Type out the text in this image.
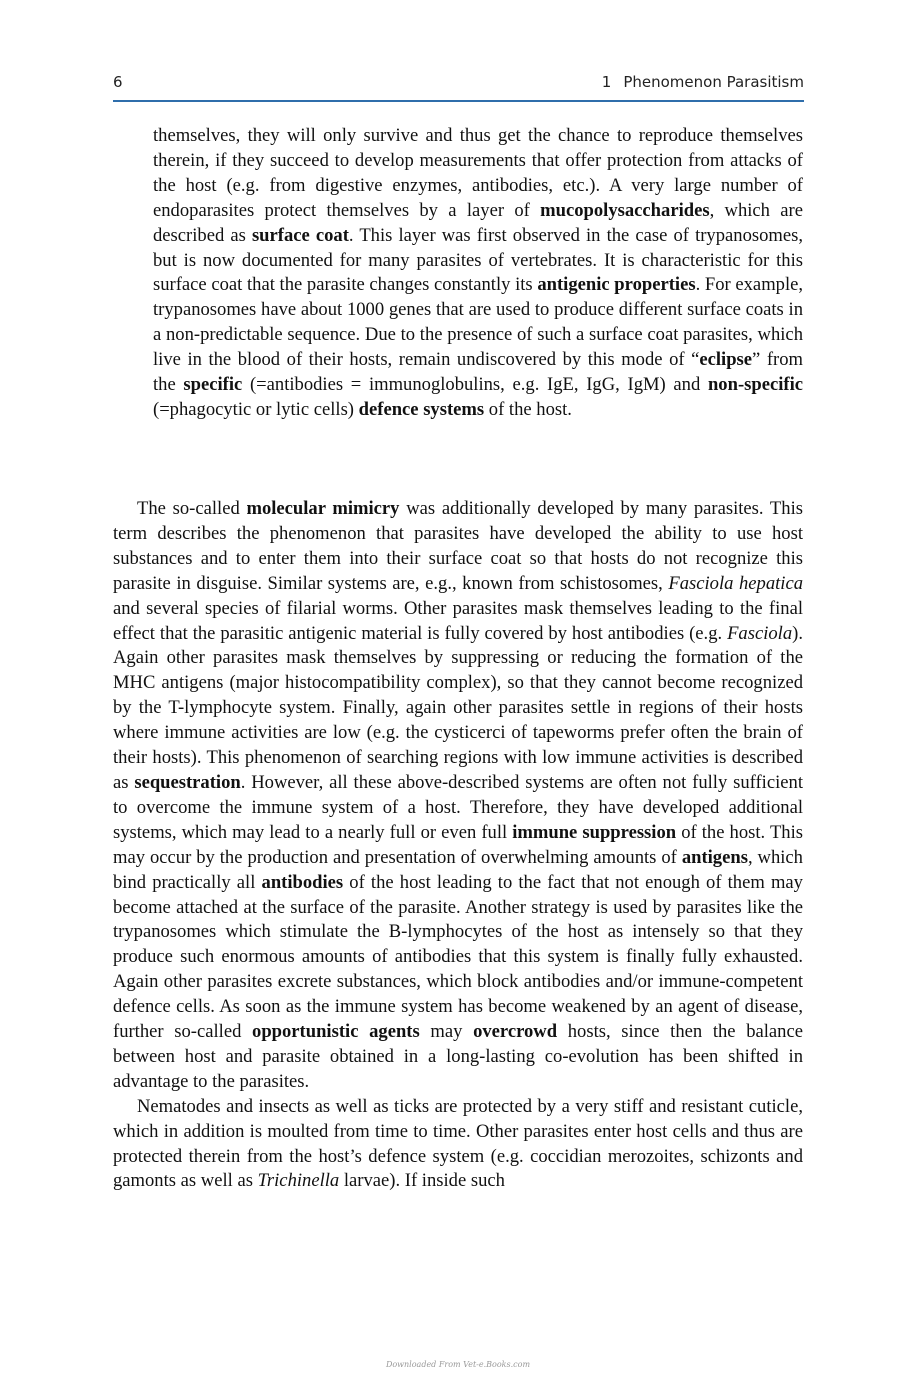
6	1 Phenomenon Parasitism

themselves, they will only survive and thus get the chance to reproduce themselves therein, if they succeed to develop measurements that offer protection from attacks of the host (e.g. from digestive enzymes, antibodies, etc.). A very large number of endoparasites protect themselves by a layer of mucopolysaccharides, which are described as surface coat. This layer was first observed in the case of trypanosomes, but is now documented for many parasites of vertebrates. It is characteristic for this surface coat that the parasite changes constantly its antigenic properties. For example, trypanosomes have about 1000 genes that are used to produce different surface coats in a non-predictable sequence. Due to the presence of such a surface coat parasites, which live in the blood of their hosts, remain undiscovered by this mode of “eclipse” from the specific (=antibodies = immunoglobulins, e.g. IgE, IgG, IgM) and non-specific (=phagocytic or lytic cells) defence systems of the host.

The so-called molecular mimicry was additionally developed by many parasites. This term describes the phenomenon that parasites have developed the ability to use host substances and to enter them into their surface coat so that hosts do not recognize this parasite in disguise. Similar systems are, e.g., known from schistosomes, Fasciola hepatica and several species of filarial worms. Other parasites mask themselves leading to the final effect that the parasitic antigenic material is fully covered by host antibodies (e.g. Fasciola). Again other parasites mask themselves by suppressing or reducing the formation of the MHC antigens (major histocompatibility complex), so that they cannot become recognized by the T-lymphocyte system. Finally, again other parasites settle in regions of their hosts where immune activities are low (e.g. the cysticerci of tapeworms prefer often the brain of their hosts). This phenomenon of searching regions with low immune activities is described as sequestration. However, all these above-described systems are often not fully sufficient to overcome the immune system of a host. Therefore, they have developed additional systems, which may lead to a nearly full or even full immune suppression of the host. This may occur by the production and presentation of overwhelming amounts of antigens, which bind practically all antibodies of the host leading to the fact that not enough of them may become attached at the surface of the parasite. Another strategy is used by parasites like the trypanosomes which stimulate the B-lymphocytes of the host as intensely so that they produce such enormous amounts of antibodies that this system is finally fully exhausted. Again other parasites excrete substances, which block antibodies and/or immune-competent defence cells. As soon as the immune system has become weakened by an agent of disease, further so-called opportunistic agents may overcrowd hosts, since then the balance between host and parasite obtained in a long-lasting co-evolution has been shifted in advantage to the parasites.

Nematodes and insects as well as ticks are protected by a very stiff and resistant cuticle, which in addition is moulted from time to time. Other parasites enter host cells and thus are protected therein from the host’s defence system (e.g. coccidian merozoites, schizonts and gamonts as well as Trichinella larvae). If inside such

Downloaded From Vet-e.Books.com
